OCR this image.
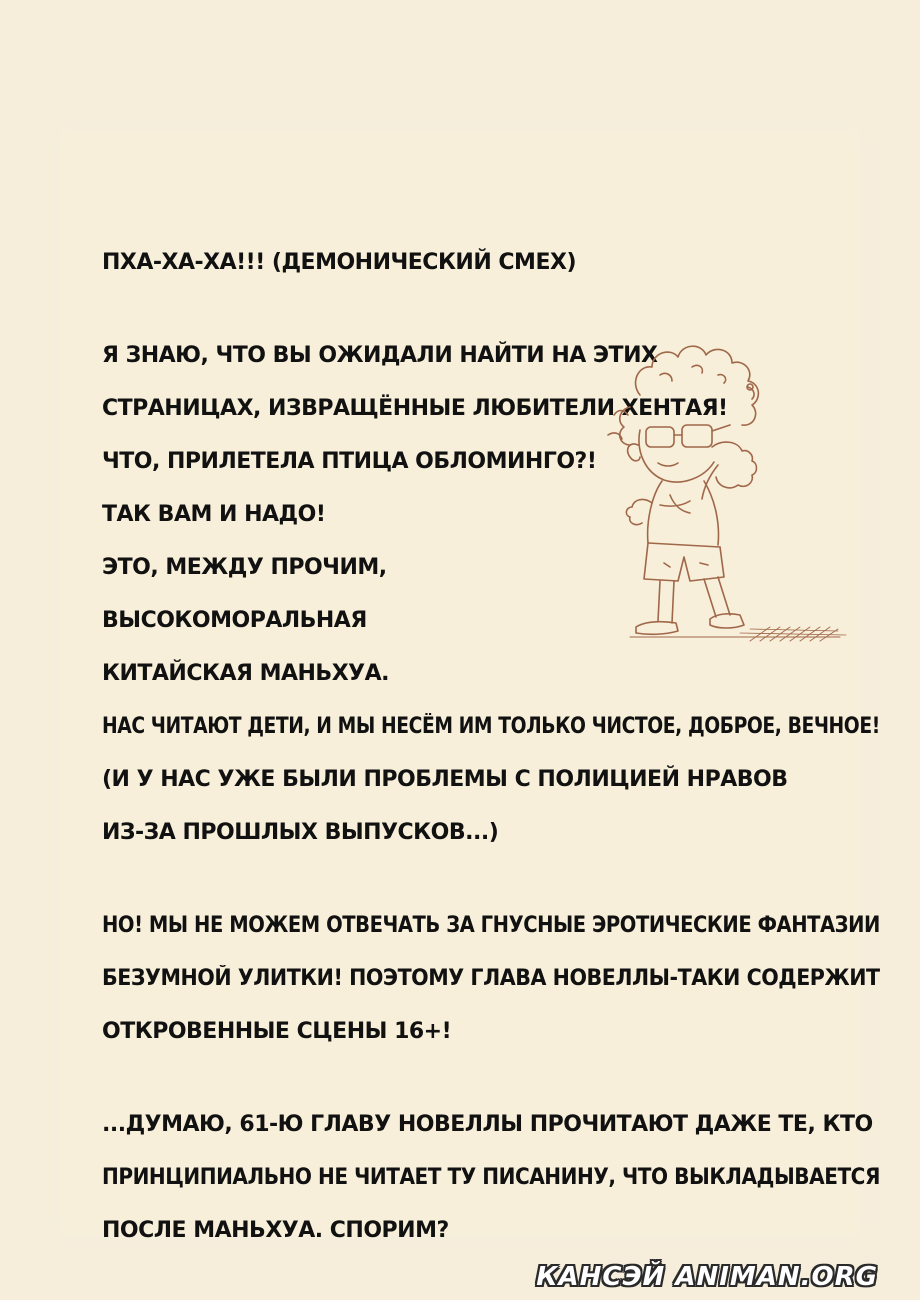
ПХА-ХА-ХА!!! (ДЕМОНИЧЕСКИЙ СМЕХ)

Я ЗНАЮ, ЧТО ВЫ ОЖИДАЛИ НАЙТИ НА ЭТИХ

СТРАНИЦАХ, ИЗВРАЩЁННЫЕ ЛЮБИТЕЛИ ХЕНТАЯ!

ЧТО, ПРИЛЕТЕЛА ПТИЦА ОБЛОМИНГО?!

ТАК ВАМ И НАДО!

ЭТО, МЕЖДУ ПРОЧИМ,

ВЫСОКОМОРАЛЬНАЯ

КИТАЙСКАЯ МАНЬХУА.

НАС ЧИТАЮТ ДЕТИ, И МЫ НЕСЁМ ИМ ТОЛЬКО ЧИСТОЕ, ДОБРОЕ, ВЕЧНОЕ!

(И У НАС УЖЕ БЫЛИ ПРОБЛЕМЫ С ПОЛИЦИЕЙ НРАВОВ

ИЗ-ЗА ПРОШЛЫХ ВЫПУСКОВ...)

НО! МЫ НЕ МОЖЕМ ОТВЕЧАТЬ ЗА ГНУСНЫЕ ЭРОТИЧЕСКИЕ ФАНТАЗИИ

БЕЗУМНОЙ УЛИТКИ! ПОЭТОМУ ГЛАВА НОВЕЛЛЫ-ТАКИ СОДЕРЖИТ

ОТКРОВЕННЫЕ СЦЕНЫ 16+!

...ДУМАЮ, 61-Ю ГЛАВУ НОВЕЛЛЫ ПРОЧИТАЮТ ДАЖЕ ТЕ, КТО

ПРИНЦИПИАЛЬНО НЕ ЧИТАЕТ ТУ ПИСАНИНУ, ЧТО ВЫКЛАДЫВАЕТСЯ

ПОСЛЕ МАНЬХУА. СПОРИМ?

КАНСЭЙ ANIMAN.ORG
